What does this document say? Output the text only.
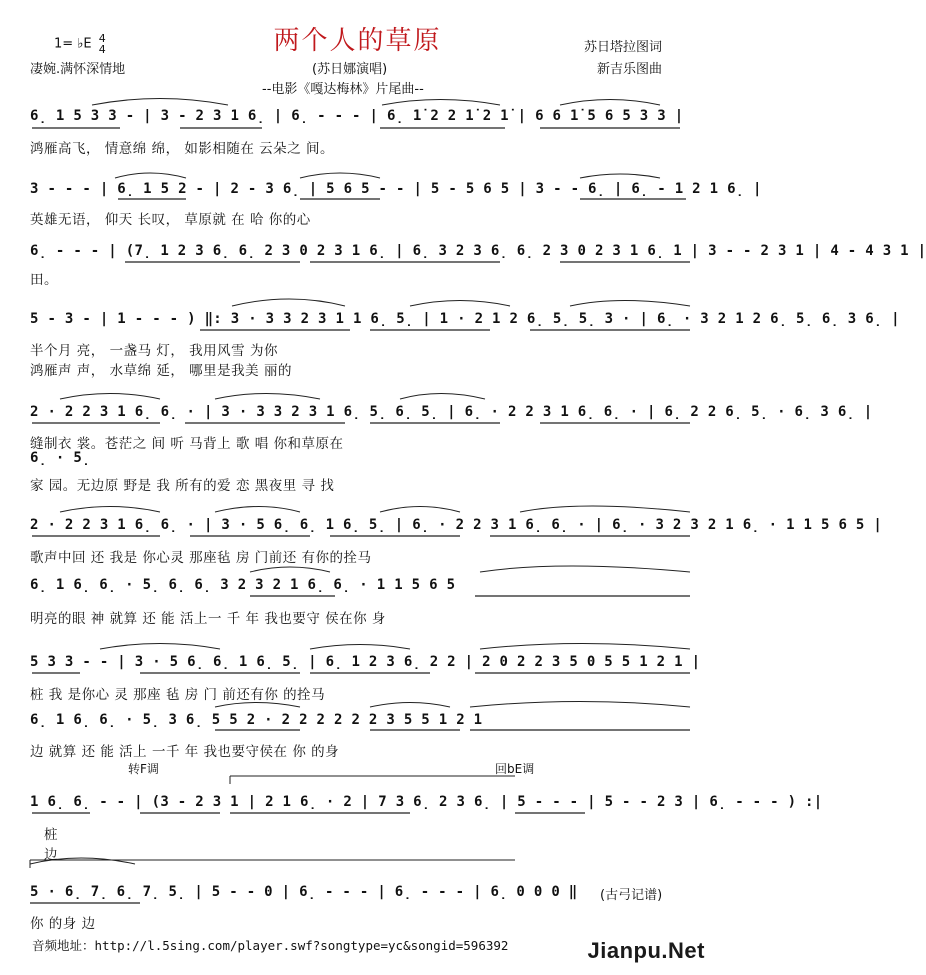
两个人的草原
1= ♭E 4
4
凄婉.满怀深情地	(苏日娜演唱)
--电影《嘎达梅林》片尾曲--
苏日塔拉图词
新吉乐图曲
6̣ 1 5 3 3 - | 3 - 2 3 1 6̣ | 6̣ - - - | 6̣ 1̇ 2 2 1̇ 2 1̇ | 6 6 1̇ 5 6 5 3 3 |
鸿雁高飞， 情意绵 绵， 如影相随在 云朵之 间。
3 - - - | 6̣ 1 5 2 - | 2 - 3 6̣ | 5 6 5 - - | 5 - 5 6 5 | 3 - - 6̣ | 6̣ - 1 2 1 6̣ |
英雄无语， 仰天 长叹， 草原就 在 哈 你的心
6̣ - - - | (7̣ 1 2 3 6̣ 6̣ 2 3 0 2 3 1 6̣ | 6̣ 3 2 3 6̣ 6̣ 2 3 0 2 3 1 6̣ 1 | 3 - - 2 3 1 | 4 - 4 3 1 |
田。
5 - 3 - | 1 - - - ) ‖: 3 · 3 3 2 3 1 1 6̣ 5̣ | 1 · 2 1 2 6̣ 5̣ 5̣ 3 · | 6̣ · 3 2 1 2 6̣ 5̣ 6̣ 3 6̣ |
半个月 亮， 一盏马 灯， 我用风雪 为你
鸿雁声 声， 水草绵 延， 哪里是我美 丽的
2 · 2 2 3 1 6̣ 6̣ · | 3 · 3 3 2 3 1 6̣ 5̣ 6̣ 5̣ | 6̣ · 2 2 3 1 6̣ 6̣ · | 6̣ 2 2 6̣ 5̣ · 6̣ 3 6̣ |
缝制衣 裳。苍茫之 间 听 马背上 歌 唱 你和草原在
6̣ · 5̣
家 园。无边原 野是 我 所有的爱 恋 黑夜里 寻 找
2 · 2 2 3 1 6̣ 6̣ · | 3 · 5 6̣ 6̣ 1 6̣ 5̣ | 6̣ · 2 2 3 1 6̣ 6̣ · | 6̣ · 3 2 3 2 1 6̣ · 1 1 5 6 5 |
歌声中回 还 我是 你心灵 那座毡 房 门前还 有你的拴马
6̣ 1 6̣ 6̣ · 5̣ 6̣ 6̣ 3 2 3 2 1 6̣ 6̣ · 1 1 5 6 5
明亮的眼 神 就算 还 能 活上一 千 年 我也要守 侯在你 身
5 3 3 - - | 3 · 5 6̣ 6̣ 1 6̣ 5̣ | 6̣ 1 2 3 6̣ 2 2 | 2 0 2 2 3 5 0 5 5 1 2 1 |
桩 我 是你心 灵 那座 毡 房 门 前还有你 的拴马
6̣ 1 6̣ 6̣ · 5̣ 3 6̣ 5 5 2 · 2 2 2 2 2 2 3 5 5 1 2 1
边 就算 还 能 活上 一千 年 我也要守侯在 你 的身
转F调	回bE调
1 6̣ 6̣ - - | (3 - 2 3 1 | 2 1 6̣ · 2 | 7 3 6̣ 2 3 6̣ | 5 - - - | 5 - - 2 3 | 6̣ - - - ) :|
桩
边
5 · 6̣ 7̣ 6̣ 7̣ 5̣ | 5 - - 0 | 6̣ - - - | 6̣ - - - | 6̣ 0 0 0 ‖
你 的身 边
(古弓记谱)
音频地址：http://l.5sing.com/player.swf?songtype=yc&songid=596392	Jianpu.Net
